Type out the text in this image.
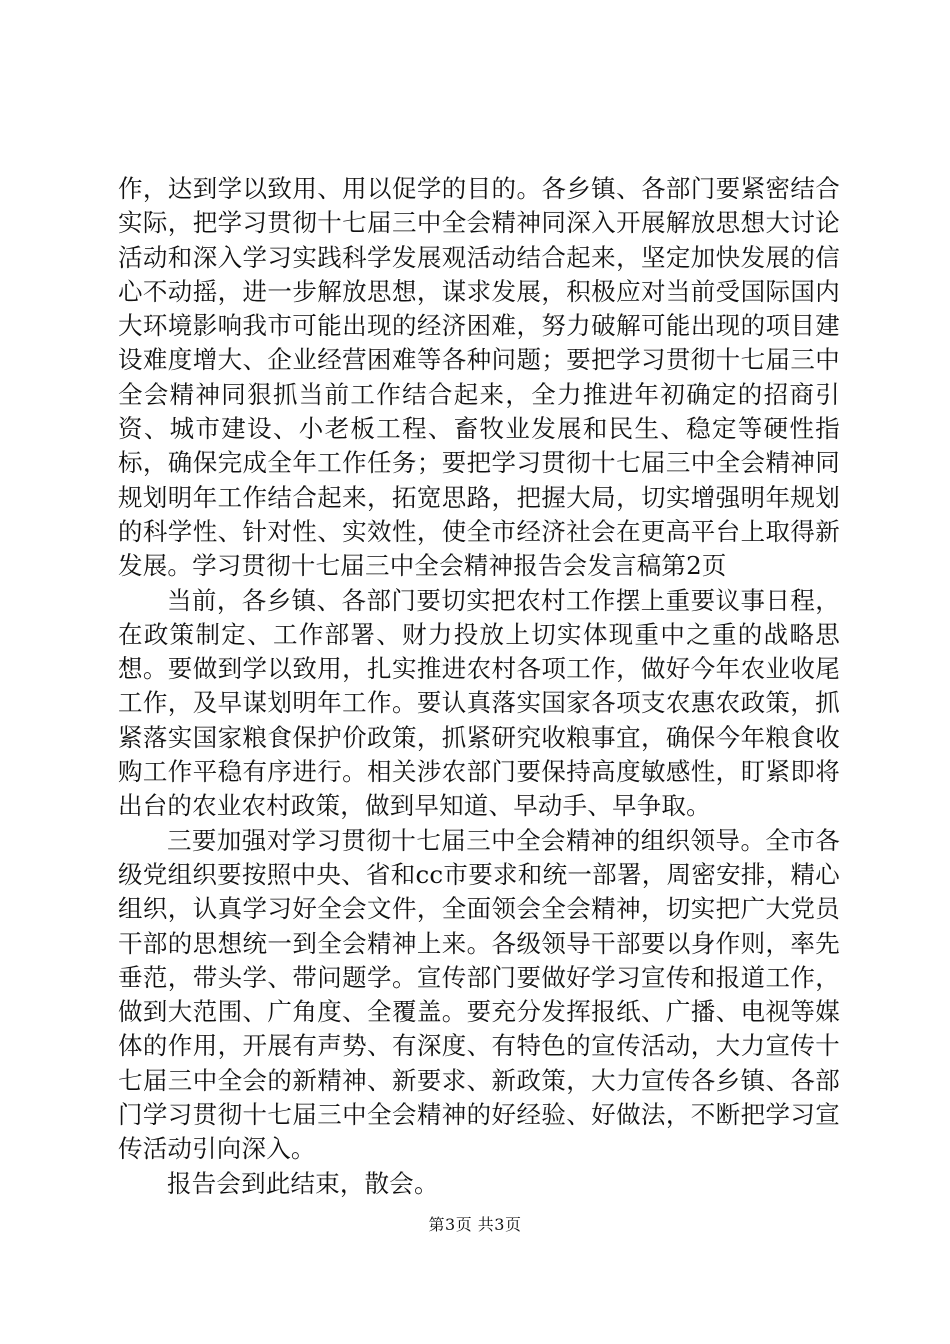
作，达到学以致用、用以促学的目的。各乡镇、各部门要紧密结合实际，把学习贯彻十七届三中全会精神同深入开展解放思想大讨论活动和深入学习实践科学发展观活动结合起来，坚定加快发展的信心不动摇，进一步解放思想，谋求发展，积极应对当前受国际国内大环境影响我市可能出现的经济困难，努力破解可能出现的项目建设难度增大、企业经营困难等各种问题；要把学习贯彻十七届三中全会精神同狠抓当前工作结合起来，全力推进年初确定的招商引资、城市建设、小老板工程、畜牧业发展和民生、稳定等硬性指标，确保完成全年工作任务；要把学习贯彻十七届三中全会精神同规划明年工作结合起来，拓宽思路，把握大局，切实增强明年规划的科学性、针对性、实效性，使全市经济社会在更高平台上取得新发展。学习贯彻十七届三中全会精神报告会发言稿第2页

当前，各乡镇、各部门要切实把农村工作摆上重要议事日程，在政策制定、工作部署、财力投放上切实体现重中之重的战略思想。要做到学以致用，扎实推进农村各项工作，做好今年农业收尾工作，及早谋划明年工作。要认真落实国家各项支农惠农政策，抓紧落实国家粮食保护价政策，抓紧研究收粮事宜，确保今年粮食收购工作平稳有序进行。相关涉农部门要保持高度敏感性，盯紧即将出台的农业农村政策，做到早知道、早动手、早争取。

三要加强对学习贯彻十七届三中全会精神的组织领导。全市各级党组织要按照中央、省和cc市要求和统一部署，周密安排，精心组织，认真学习好全会文件，全面领会全会精神，切实把广大党员干部的思想统一到全会精神上来。各级领导干部要以身作则，率先垂范，带头学、带问题学。宣传部门要做好学习宣传和报道工作，做到大范围、广角度、全覆盖。要充分发挥报纸、广播、电视等媒体的作用，开展有声势、有深度、有特色的宣传活动，大力宣传十七届三中全会的新精神、新要求、新政策，大力宣传各乡镇、各部门学习贯彻十七届三中全会精神的好经验、好做法，不断把学习宣传活动引向深入。

报告会到此结束，散会。

第3页 共3页
